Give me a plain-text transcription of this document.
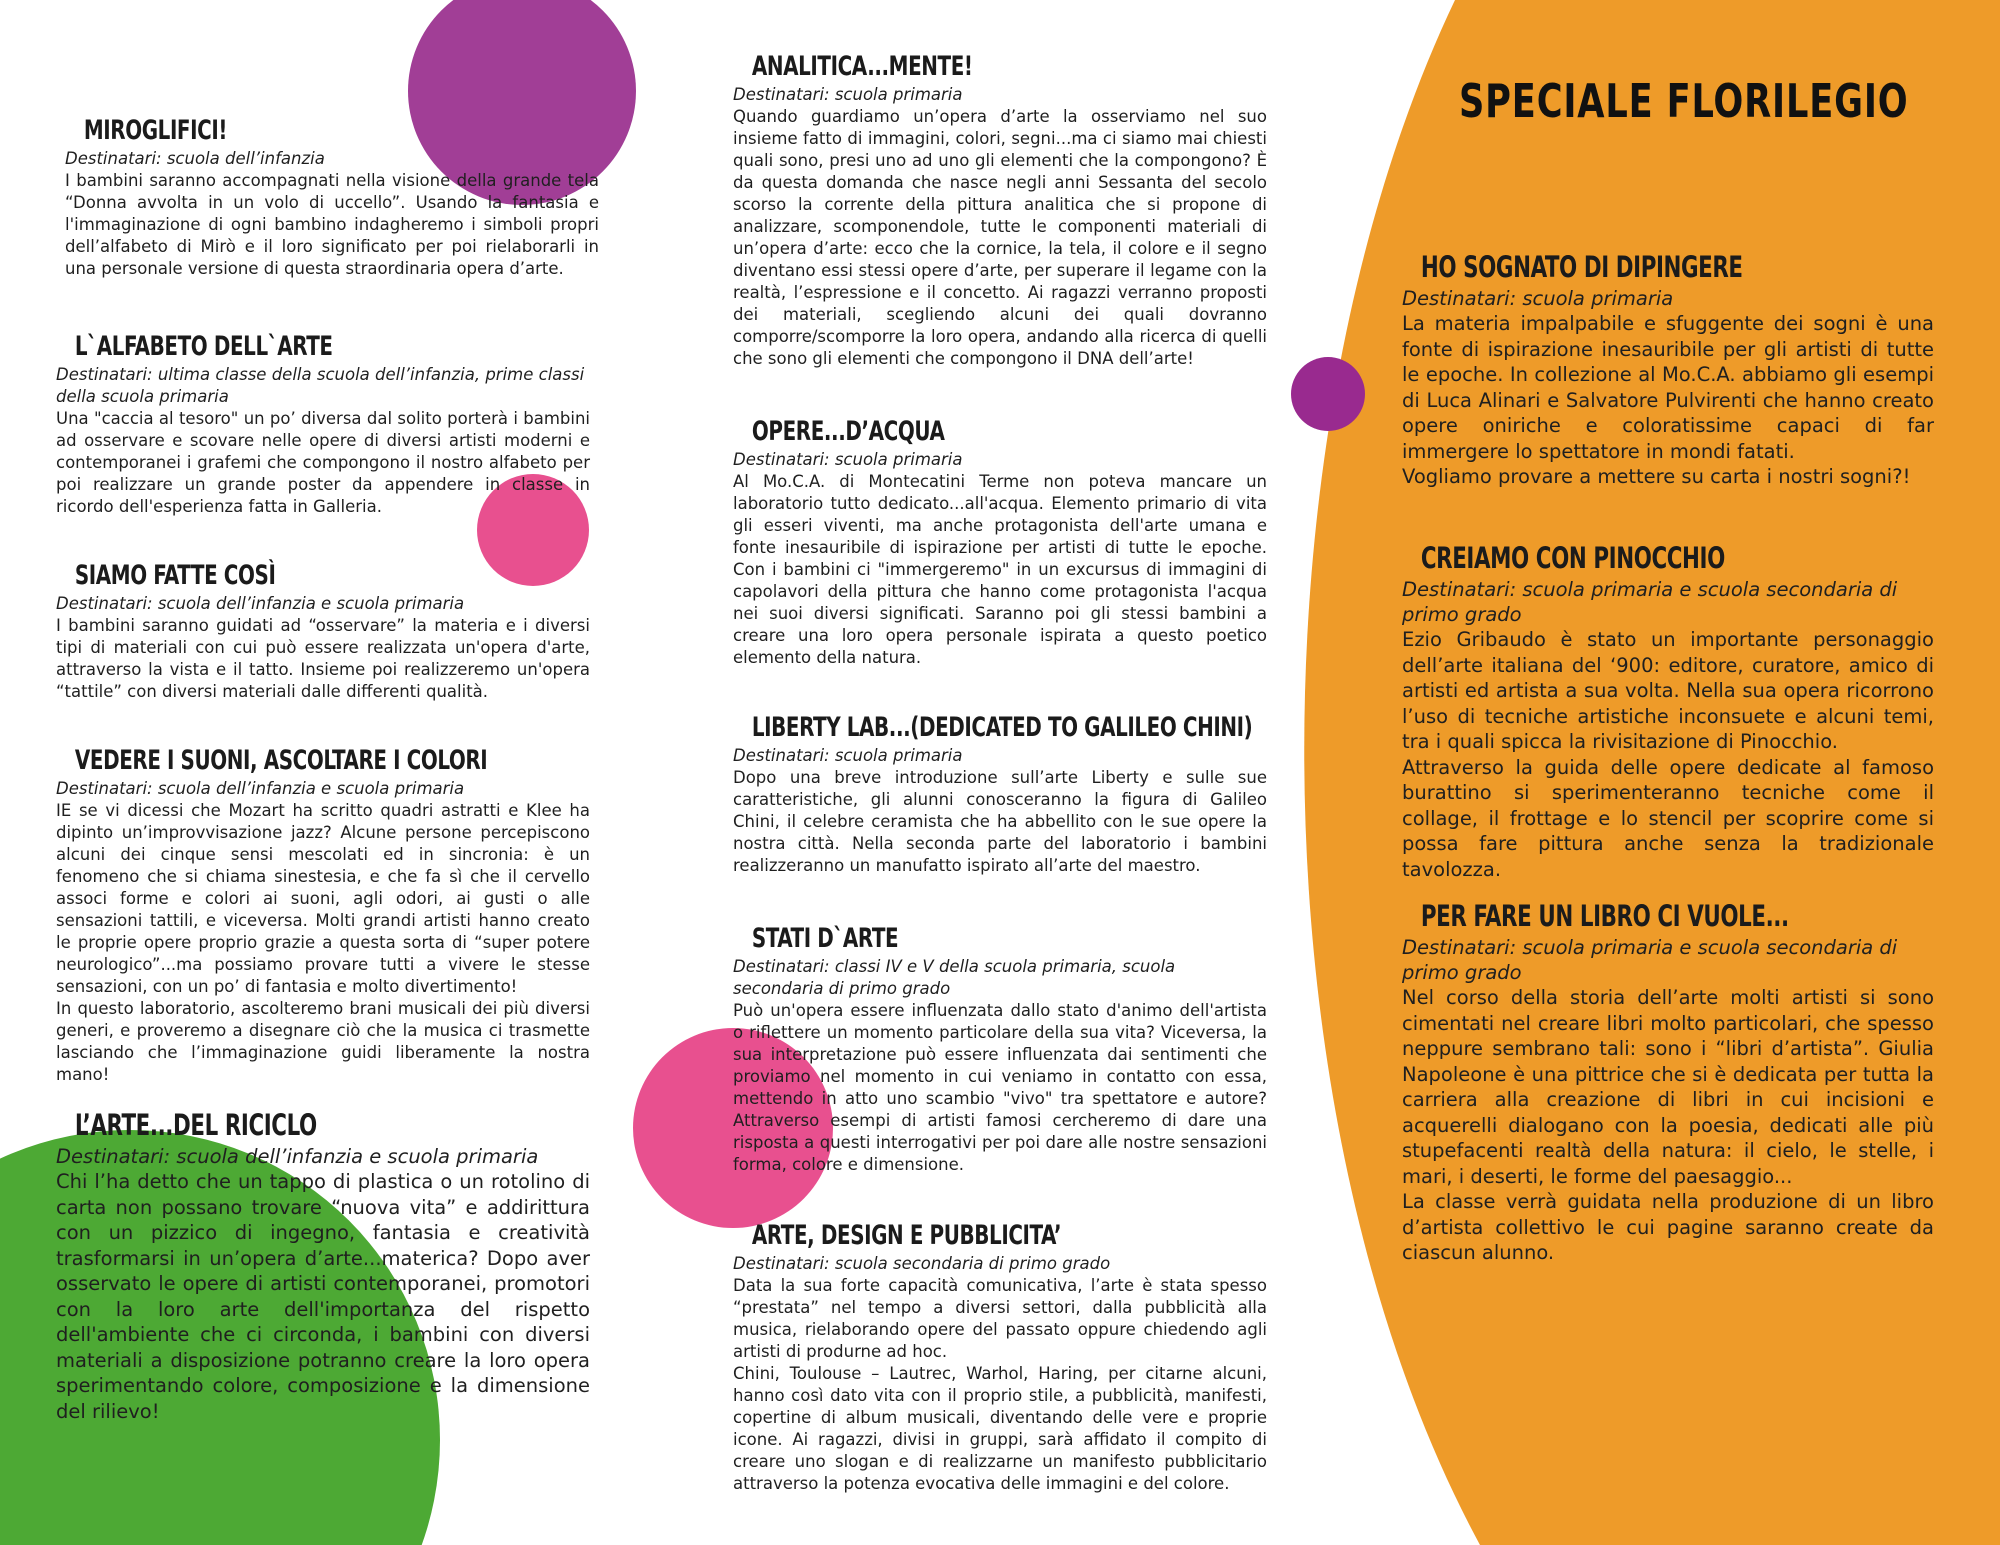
SPECIALE FLORILEGIO
MIROGLIFICI!

Destinatari: scuola dell’infanzia

I bambini saranno accompagnati nella visione della grande tela “Donna avvolta in un volo di uccello”. Usando la fantasia e l'immaginazione di ogni bambino indagheremo i simboli propri dell’alfabeto di Mirò e il loro significato per poi rielaborarli in una personale versione di questa straordinaria opera d’arte.

L`ALFABETO DELL`ARTE

Destinatari: ultima classe della scuola dell’infanzia, prime classi della scuola primaria

Una "caccia al tesoro" un po’ diversa dal solito porterà i bambini ad osservare e scovare nelle opere di diversi artisti moderni e contemporanei i grafemi che compongono il nostro alfabeto per poi realizzare un grande poster da appendere in classe in ricordo dell'esperienza fatta in Galleria.

SIAMO FATTE COSÌ

Destinatari: scuola dell’infanzia e scuola primaria

I bambini saranno guidati ad “osservare” la materia e i diversi tipi di materiali con cui può essere realizzata un'opera d'arte, attraverso la vista e il tatto. Insieme poi realizzeremo un'opera “tattile” con diversi materiali dalle differenti qualità.

VEDERE I SUONI, ASCOLTARE I COLORI

Destinatari: scuola dell’infanzia e scuola primaria

IE se vi dicessi che Mozart ha scritto quadri astratti e Klee ha dipinto un’improvvisazione jazz? Alcune persone percepiscono alcuni dei cinque sensi mescolati ed in sincronia: è un fenomeno che si chiama sinestesia, e che fa sì che il cervello associ forme e colori ai suoni, agli odori, ai gusti o alle sensazioni tattili, e viceversa. Molti grandi artisti hanno creato le proprie opere proprio grazie a questa sorta di “super potere neurologico”...ma possiamo provare tutti a vivere le stesse sensazioni, con un po’ di fantasia e molto divertimento!

In questo laboratorio, ascolteremo brani musicali dei più diversi generi, e proveremo a disegnare ciò che la musica ci trasmette lasciando che l’immaginazione guidi liberamente la nostra mano!

L’ARTE...DEL RICICLO

Destinatari: scuola dell’infanzia e scuola primaria

Chi l’ha detto che un tappo di plastica o un rotolino di carta non possano trovare “nuova vita” e addirittura con un pizzico di ingegno, fantasia e creatività trasformarsi in un’opera d’arte...materica? Dopo aver osservato le opere di artisti contemporanei, promotori con la loro arte dell'importanza del rispetto dell'ambiente che ci circonda, i bambini con diversi materiali a disposizione potranno creare la loro opera sperimentando colore, composizione e la dimensione del rilievo!

ANALITICA...MENTE!

Destinatari: scuola primaria

Quando guardiamo un’opera d’arte la osserviamo nel suo insieme fatto di immagini, colori, segni...ma ci siamo mai chiesti quali sono, presi uno ad uno gli elementi che la compongono? È da questa domanda che nasce negli anni Sessanta del secolo scorso la corrente della pittura analitica che si propone di analizzare, scomponendole, tutte le componenti materiali di un’opera d’arte: ecco che la cornice, la tela, il colore e il segno diventano essi stessi opere d’arte, per superare il legame con la realtà, l’espressione e il concetto. Ai ragazzi verranno proposti dei materiali, scegliendo alcuni dei quali dovranno comporre/scomporre la loro opera, andando alla ricerca di quelli che sono gli elementi che compongono il DNA dell’arte!

OPERE...D’ACQUA

Destinatari: scuola primaria

Al Mo.C.A. di Montecatini Terme non poteva mancare un laboratorio tutto dedicato...all'acqua. Elemento primario di vita gli esseri viventi, ma anche protagonista dell'arte umana e fonte inesauribile di ispirazione per artisti di tutte le epoche. Con i bambini ci "immergeremo" in un excursus di immagini di capolavori della pittura che hanno come protagonista l'acqua nei suoi diversi significati. Saranno poi gli stessi bambini a creare una loro opera personale ispirata a questo poetico elemento della natura.

LIBERTY LAB...(DEDICATED TO GALILEO CHINI)

Destinatari: scuola primaria

Dopo una breve introduzione sull’arte Liberty e sulle sue caratteristiche, gli alunni conosceranno la figura di Galileo Chini, il celebre ceramista che ha abbellito con le sue opere la nostra città. Nella seconda parte del laboratorio i bambini realizzeranno un manufatto ispirato all’arte del maestro.

STATI D`ARTE

Destinatari: classi IV e V della scuola primaria, scuola secondaria di primo grado

Può un'opera essere influenzata dallo stato d'animo dell'artista o riflettere un momento particolare della sua vita? Viceversa, la sua interpretazione può essere influenzata dai sentimenti che proviamo nel momento in cui veniamo in contatto con essa, mettendo in atto uno scambio "vivo" tra spettatore e autore? Attraverso esempi di artisti famosi cercheremo di dare una risposta a questi interrogativi per poi dare alle nostre sensazioni forma, colore e dimensione.

ARTE, DESIGN E PUBBLICITA’

Destinatari: scuola secondaria di primo grado

Data la sua forte capacità comunicativa, l’arte è stata spesso “prestata” nel tempo a diversi settori, dalla pubblicità alla musica, rielaborando opere del passato oppure chiedendo agli artisti di produrne ad hoc.

Chini, Toulouse – Lautrec, Warhol, Haring, per citarne alcuni, hanno così dato vita con il proprio stile, a pubblicità, manifesti, copertine di album musicali, diventando delle vere e proprie icone. Ai ragazzi, divisi in gruppi, sarà affidato il compito di creare uno slogan e di realizzarne un manifesto pubblicitario attraverso la potenza evocativa delle immagini e del colore.

HO SOGNATO DI DIPINGERE

Destinatari: scuola primaria

La materia impalpabile e sfuggente dei sogni è una fonte di ispirazione inesauribile per gli artisti di tutte le epoche. In collezione al Mo.C.A. abbiamo gli esempi di Luca Alinari e Salvatore Pulvirenti che hanno creato opere oniriche e coloratissime capaci di far immergere lo spettatore in mondi fatati.

Vogliamo provare a mettere su carta i nostri sogni?!

CREIAMO CON PINOCCHIO

Destinatari: scuola primaria e scuola secondaria di primo grado

Ezio Gribaudo è stato un importante personaggio dell’arte italiana del ‘900: editore, curatore, amico di artisti ed artista a sua volta. Nella sua opera ricorrono l’uso di tecniche artistiche inconsuete e alcuni temi, tra i quali spicca la rivisitazione di Pinocchio.

Attraverso la guida delle opere dedicate al famoso burattino si sperimenteranno tecniche come il collage, il frottage e lo stencil per scoprire come si possa fare pittura anche senza la tradizionale tavolozza.

PER FARE UN LIBRO CI VUOLE...

Destinatari: scuola primaria e scuola secondaria di primo grado

Nel corso della storia dell’arte molti artisti si sono cimentati nel creare libri molto particolari, che spesso neppure sembrano tali: sono i “libri d’artista”. Giulia Napoleone è una pittrice che si è dedicata per tutta la carriera alla creazione di libri in cui incisioni e acquerelli dialogano con la poesia, dedicati alle più stupefacenti realtà della natura: il cielo, le stelle, i mari, i deserti, le forme del paesaggio...

La classe verrà guidata nella produzione di un libro d’artista collettivo le cui pagine saranno create da ciascun alunno.
